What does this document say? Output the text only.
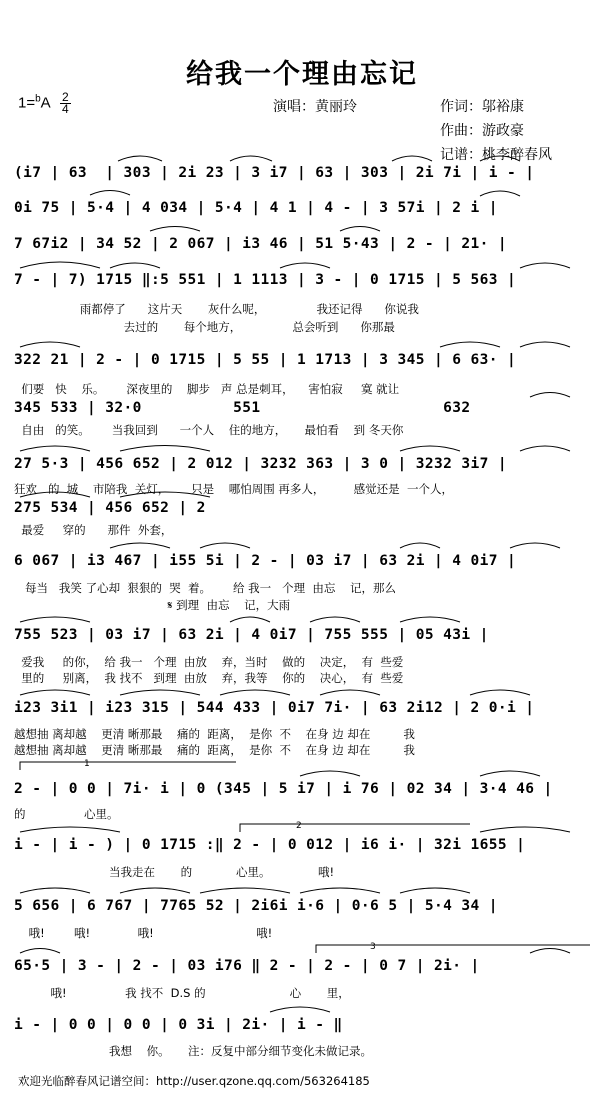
给我一个理由忘记
$1=^bA \frac{2}{4}$	演唱：黄丽玲	作词：邬裕康
作曲：游政豪
记谱：桃李醉春风
(i7 | 63  | 303 | 2i 23 | 3 i7 | 63 | 303 | 2i 7i | i - |
0i 75 | 5·4 | 4 034 | 5·4 | 4 1 | 4 - | 3 57i | 2 i |
7 67i2 | 34 52 | 2 067 | i3 46 | 51 5·43 | 2 - | 21· |
7 - | 7) 1715 ‖:5 551 | 1 1113 | 3 - | 0 1715 | 5 563 |
雨都停了      这片天       灰什么呢，              我还记得      你说我
去过的       每个地方，              总会听到      你那最
322 21 | 2 - | 0 1715 | 5 55 | 1 1713 | 3 345 | 6 63· |
们要   快    乐。      深夜里的    脚步   声 总是刺耳，    害怕寂     寞 就让
345 533 | 32·0          551                    632
自由   的笑。      当我回到      一个人    住的地方，     最怕看    到 冬天你
27 5·3 | 456 652 | 2 012 | 3232 363 | 3 0 | 3232 3i7 |
狂欢   的  城    市陪我  关灯，      只是    哪怕周围 再多人，        感觉还是  一个人，
275 534 | 456 652 | 2
最爱     穿的      那件  外套，
6 067 | i3 467 | i55 5i | 2 - | 03 i7 | 63 2i | 4 0i7 |
每当   我笑 了心却  狠狠的  哭  着。      给 我一   个理  由忘    记，那么
𝄋 到理  由忘    记，大雨
755 523 | 03 i7 | 63 2i | 4 0i7 | 755 555 | 05 43i |
爱我     的你，  给 我一   个理  由放    弃，当时    做的    决定，  有  些爱
里的     别离，  我 找不   到理  由放    弃，我等    你的    决心，  有  些爱
i23 3i1 | i23 315 | 544 433 | 0i7 7i· | 63 2i12 | 2 0·i |
越想抽 离却越    更清 晰那最    痛的  距离，  是你  不    在身 边 却在         我
越想抽 离却越    更清 晰那最    痛的  距离，  是你  不    在身 边 却在         我
2 - | 0 0 | 7i· i | 0 (345 | 5 i7 | i 76 | 02 34 | 3·4 46 |
的                心里。
i - | i - ) | 0 1715 :‖ 2 - | 0 012 | i6 i· | 32i 1655 |
当我走在       的            心里。             哦!
5 656 | 6 767 | 7765 52 | 2i6i i·6 | 0·6 5 | 5·4 34 |
哦!        哦!             哦!                            哦!
65·5 | 3 - | 2 - | 03 i76 ‖ 2 - | 2 - | 0 7 | 2i· |
哦!                我 找不  D.S 的                       心       里，
i - | 0 0 | 0 0 | 0 3i | 2i· | i - ‖
我想    你。     注：反复中部分细节变化未做记录。
欢迎光临醉春风记谱空间：http://user.qzone.qq.com/563264185
1
2
3
